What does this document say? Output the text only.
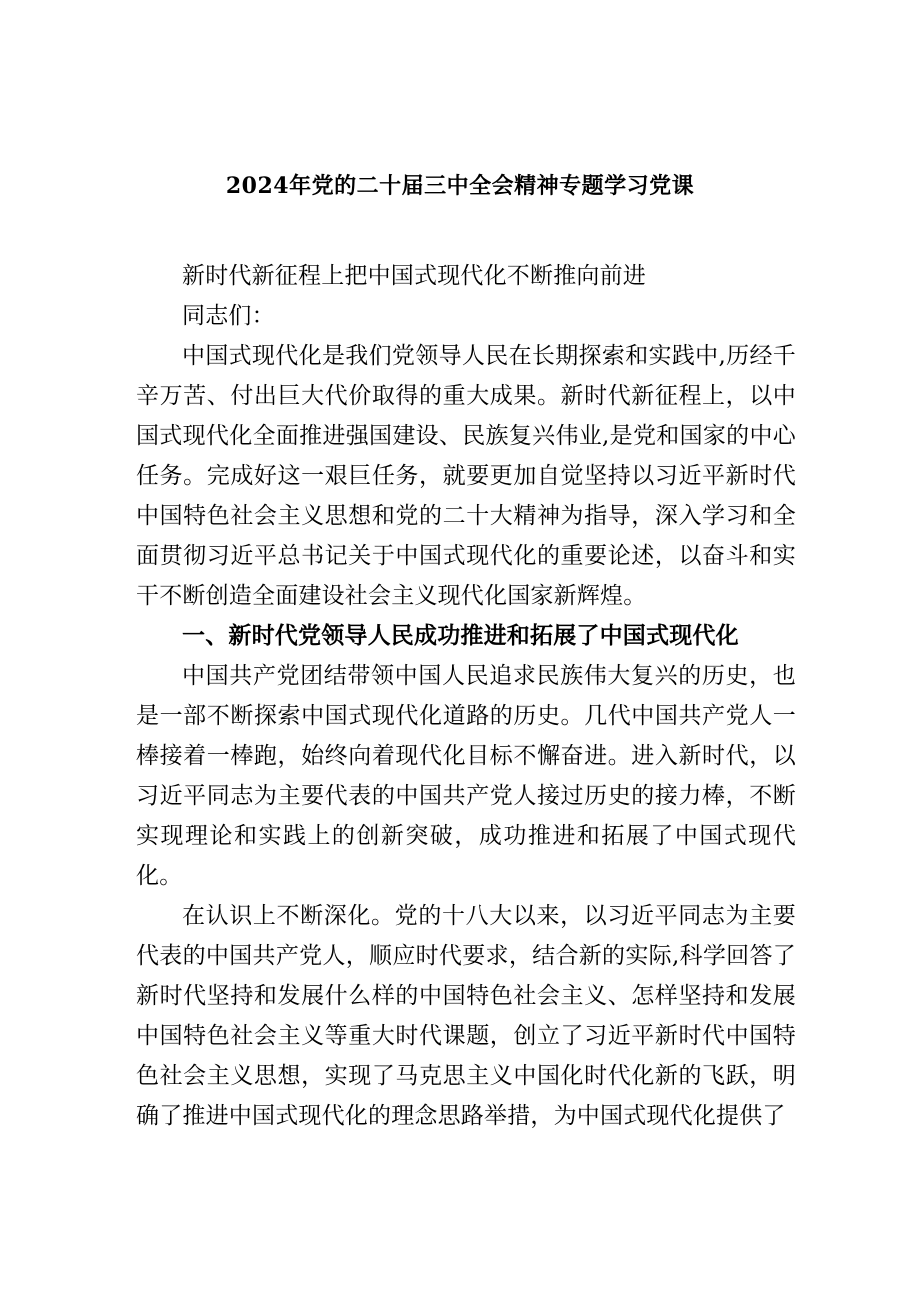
2024年党的二十届三中全会精神专题学习党课

新时代新征程上把中国式现代化不断推向前进

同志们：

中国式现代化是我们党领导人民在长期探索和实践中,历经千辛万苦、付出巨大代价取得的重大成果。新时代新征程上，以中国式现代化全面推进强国建设、民族复兴伟业,是党和国家的中心任务。完成好这一艰巨任务，就要更加自觉坚持以习近平新时代中国特色社会主义思想和党的二十大精神为指导，深入学习和全面贯彻习近平总书记关于中国式现代化的重要论述，以奋斗和实干不断创造全面建设社会主义现代化国家新辉煌。

一、新时代党领导人民成功推进和拓展了中国式现代化

中国共产党团结带领中国人民追求民族伟大复兴的历史，也是一部不断探索中国式现代化道路的历史。几代中国共产党人一棒接着一棒跑，始终向着现代化目标不懈奋进。进入新时代，以习近平同志为主要代表的中国共产党人接过历史的接力棒，不断实现理论和实践上的创新突破，成功推进和拓展了中国式现代化。

在认识上不断深化。党的十八大以来，以习近平同志为主要代表的中国共产党人，顺应时代要求，结合新的实际,科学回答了新时代坚持和发展什么样的中国特色社会主义、怎样坚持和发展中国特色社会主义等重大时代课题，创立了习近平新时代中国特色社会主义思想，实现了马克思主义中国化时代化新的飞跃，明确了推进中国式现代化的理念思路举措，为中国式现代化提供了
